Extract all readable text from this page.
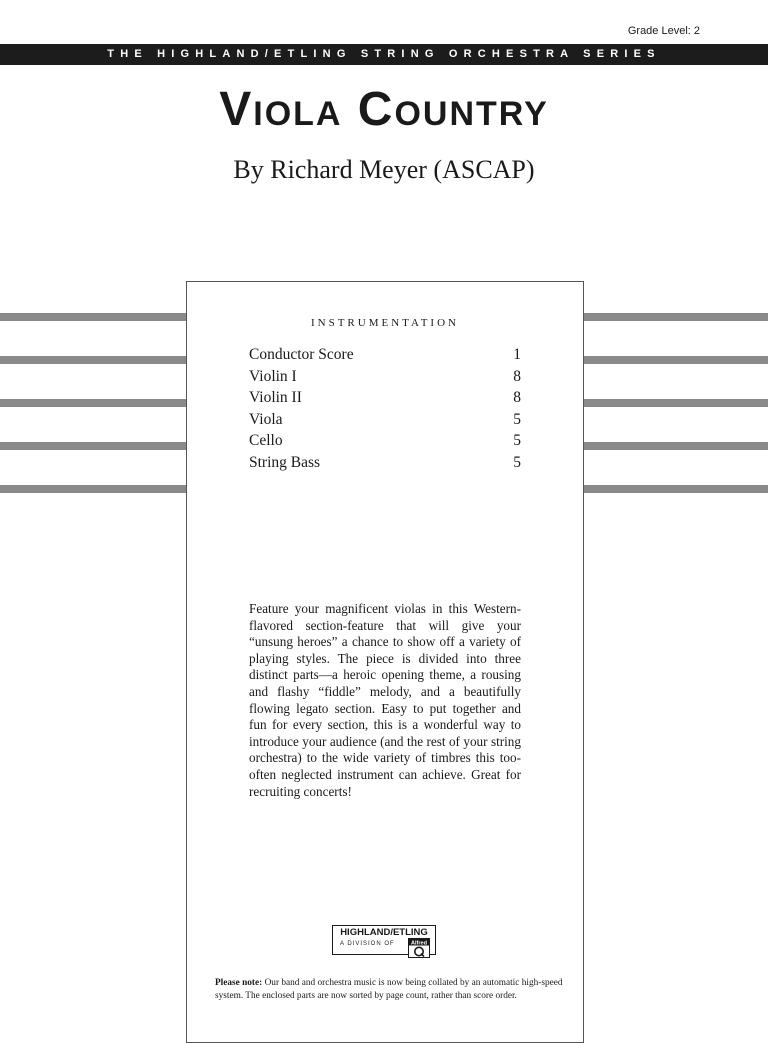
Grade Level: 2
THE HIGHLAND/ETLING STRING ORCHESTRA SERIES
Viola Country
By Richard Meyer (ASCAP)
INSTRUMENTATION
Conductor Score	1
Violin I	8
Violin II	8
Viola	5
Cello	5
String Bass	5

Feature your magnificent violas in this Western-flavored section-feature that will give your “unsung heroes” a chance to show off a variety of playing styles. The piece is divided into three distinct parts—a heroic opening theme, a rousing and flashy “fiddle” melody, and a beautifully flowing legato section. Easy to put together and fun for every section, this is a wonderful way to introduce your audience (and the rest of your string orchestra) to the wide variety of timbres this too-often neglected instrument can achieve. Great for recruiting concerts!

HIGHLAND/ETLING
A DIVISION OF	Alfred

Please note: Our band and orchestra music is now being collated by an automatic high-speed system. The enclosed parts are now sorted by page count, rather than score order.
